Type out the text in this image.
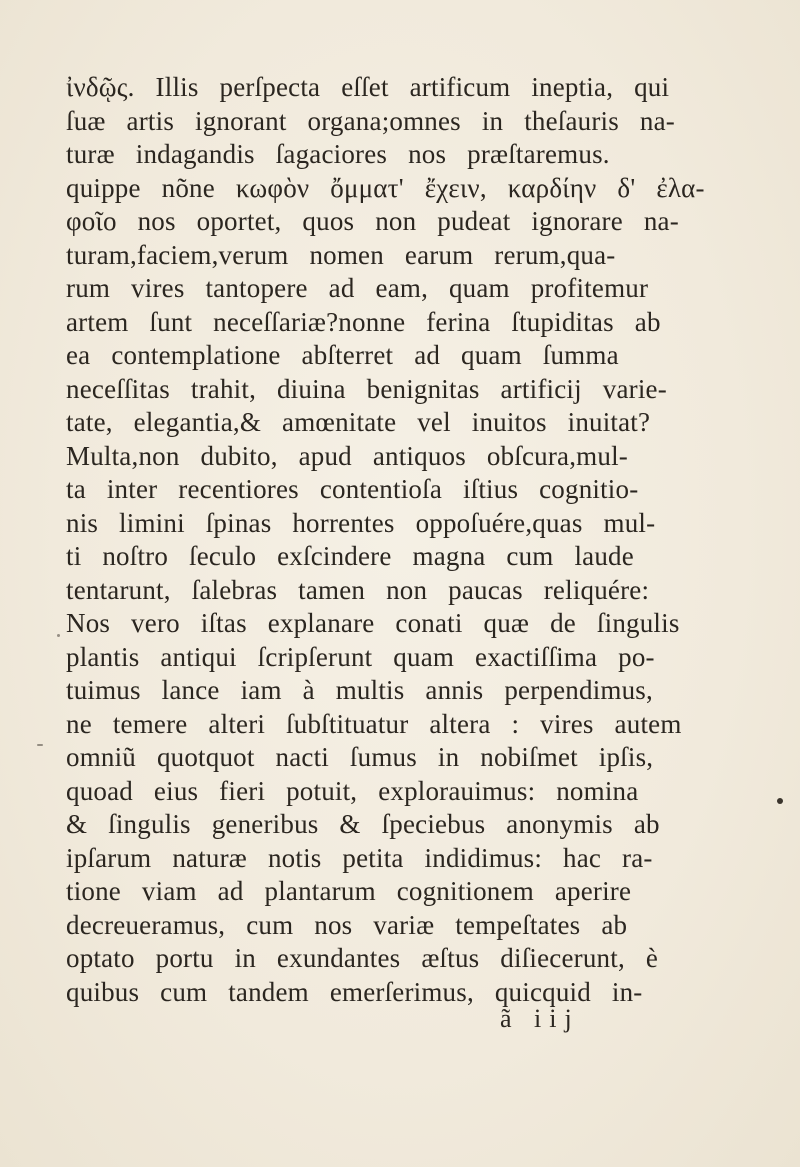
ἰνδῷς. Illis perſpecta eſſet artificum ineptia, qui
ſuæ artis ignorant organa;omnes in theſauris na-
turæ indagandis ſagaciores nos præſtaremus.
quippe nõne κωφὸν ὄμματ' ἔχειν, καρδίην δ' ἐλα-
φοῖο nos oportet, quos non pudeat ignorare na-
turam,faciem,verum nomen earum rerum,qua-
rum vires tantopere ad eam, quam profitemur
artem ſunt neceſſariæ?nonne ferina ſtupiditas ab
ea contemplatione abſterret ad quam ſumma
neceſſitas trahit, diuina benignitas artificij varie-
tate, elegantia,& amœnitate vel inuitos inuitat?
Multa,non dubito, apud antiquos obſcura,mul-
ta inter recentiores contentioſa iſtius cognitio-
nis limini ſpinas horrentes oppoſuére,quas mul-
ti noſtro ſeculo exſcindere magna cum laude
tentarunt, ſalebras tamen non paucas reliquére:
Nos vero iſtas explanare conati quæ de ſingulis
plantis antiqui ſcripſerunt quam exactiſſima po-
tuimus lance iam à multis annis perpendimus,
ne temere alteri ſubſtituatur altera : vires autem
omniũ quotquot nacti ſumus in nobiſmet ipſis,
quoad eius fieri potuit, explorauimus: nomina
& ſingulis generibus & ſpeciebus anonymis ab
ipſarum naturæ notis petita indidimus: hac ra-
tione viam ad plantarum cognitionem aperire
decreueramus, cum nos variæ tempeſtates ab
optato portu in exundantes æſtus diſiecerunt, è
quibus cum tandem emerſerimus, quicquid in-
ã iij
